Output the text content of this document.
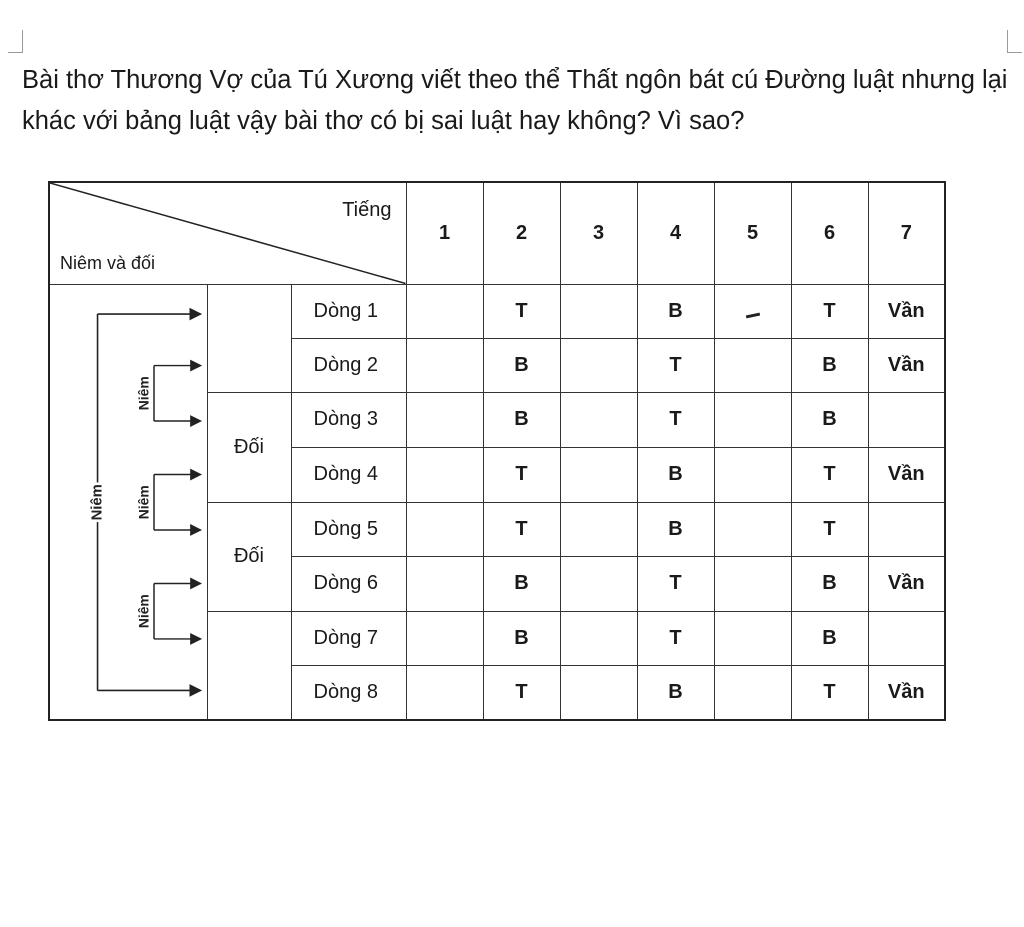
Bài thơ Thương Vợ của Tú Xương viết theo thể Thất ngôn bát cú Đường luật nhưng lại khác với bảng luật vậy bài thơ có bị sai luật hay không? Vì sao?

Tiếng
Niêm và đối			1	2	3	4	5	6	7

Niêm
Niêm
Niêm
Niêm		Dòng 1		T		B		T	Vần
		Dòng 2		B		T		B	Vần
	Đối	Dòng 3		B		T		B	
		Dòng 4		T		B		T	Vần
	Đối	Dòng 5		T		B		T	
		Dòng 6		B		T		B	Vần
		Dòng 7		B		T		B	
		Dòng 8		T		B		T	Vần
